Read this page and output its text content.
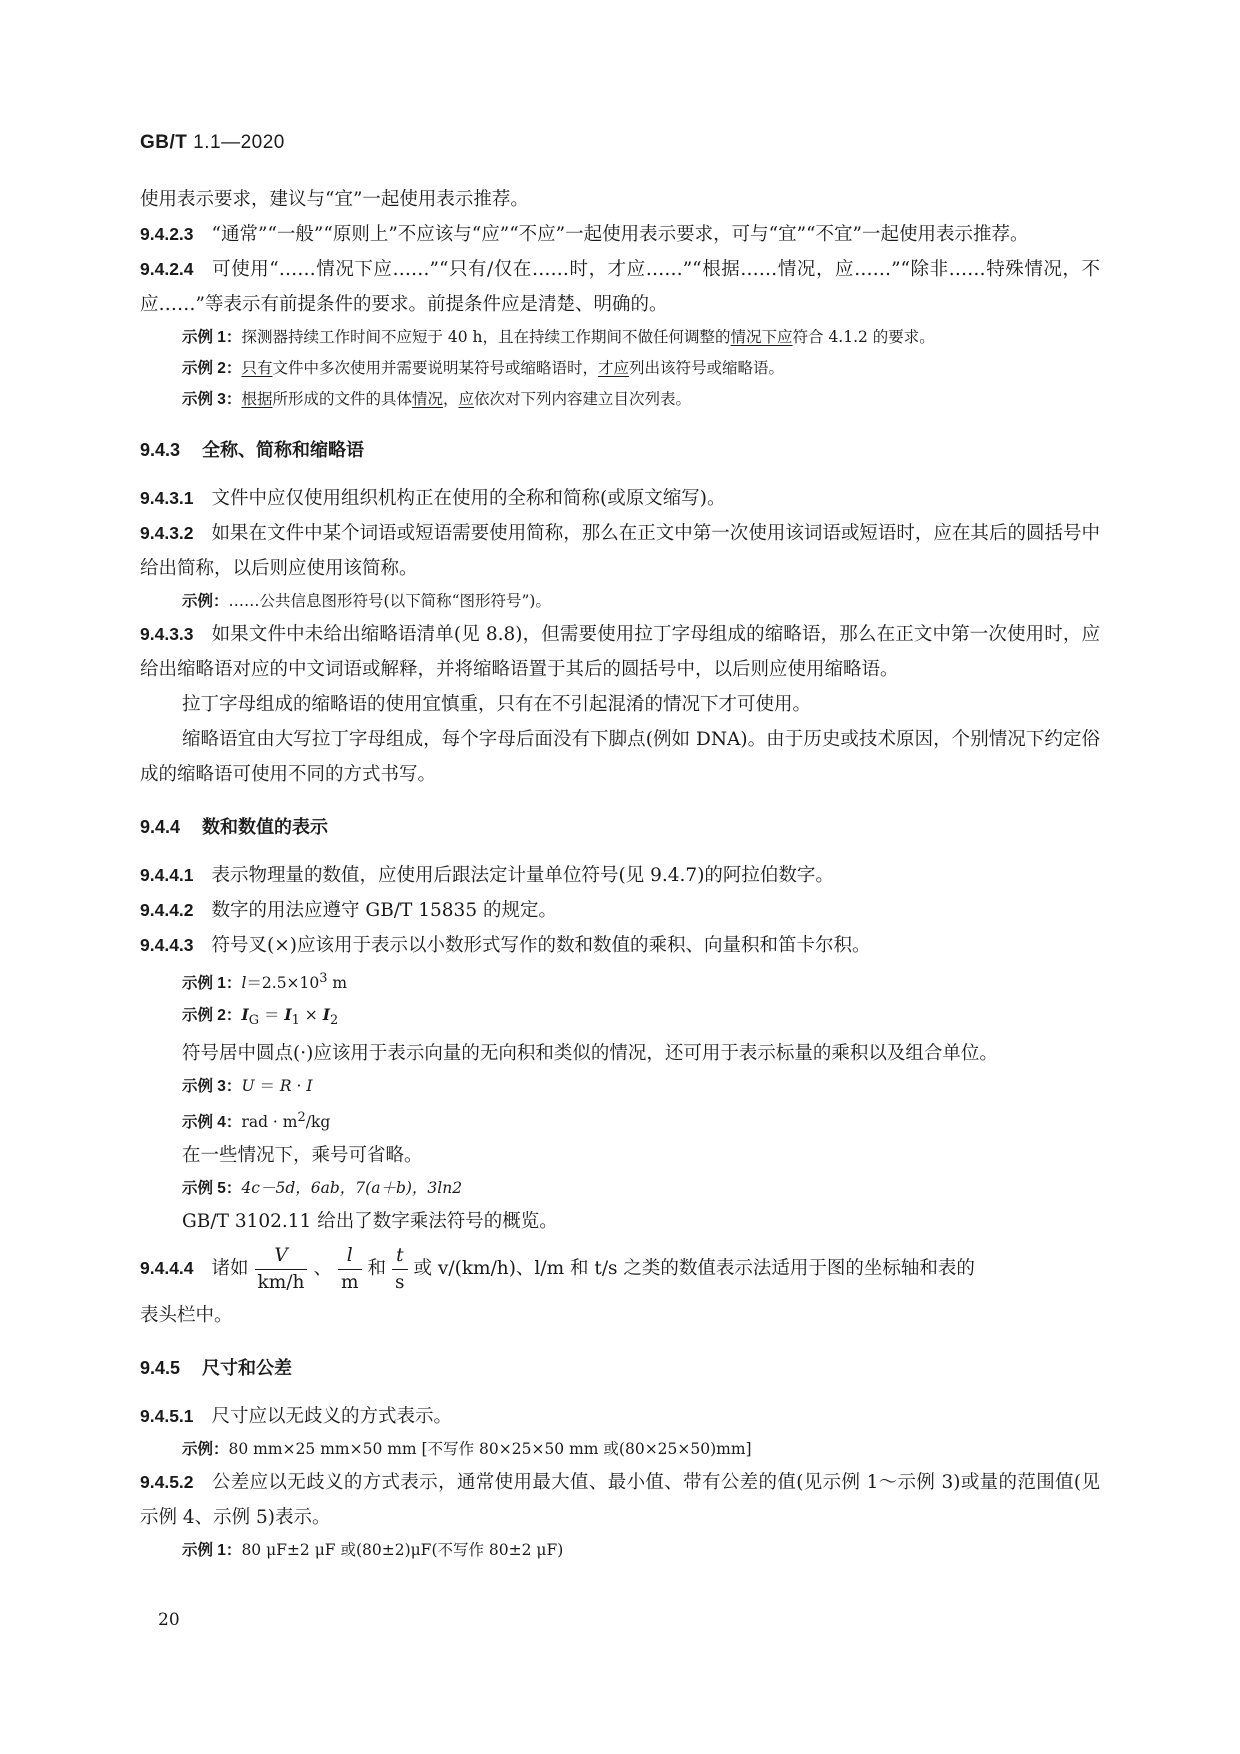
GB/T 1.1—2020

使用表示要求，建议与“宜”一起使用表示推荐。

9.4.2.3 “通常”“一般”“原则上”不应该与“应”“不应”一起使用表示要求，可与“宜”“不宜”一起使用表示推荐。

9.4.2.4 可使用“……情况下应……”“只有/仅在……时，才应……”“根据……情况，应……”“除非……特殊情况，不应……”等表示有前提条件的要求。前提条件应是清楚、明确的。

示例 1：探测器持续工作时间不应短于 40 h，且在持续工作期间不做任何调整的情况下应符合 4.1.2 的要求。

示例 2：只有文件中多次使用并需要说明某符号或缩略语时，才应列出该符号或缩略语。

示例 3：根据所形成的文件的具体情况，应依次对下列内容建立目次列表。

9.4.3 全称、简称和缩略语

9.4.3.1 文件中应仅使用组织机构正在使用的全称和简称(或原文缩写)。

9.4.3.2 如果在文件中某个词语或短语需要使用简称，那么在正文中第一次使用该词语或短语时，应在其后的圆括号中给出简称，以后则应使用该简称。

示例：……公共信息图形符号(以下简称“图形符号”)。

9.4.3.3 如果文件中未给出缩略语清单(见 8.8)，但需要使用拉丁字母组成的缩略语，那么在正文中第一次使用时，应给出缩略语对应的中文词语或解释，并将缩略语置于其后的圆括号中，以后则应使用缩略语。

拉丁字母组成的缩略语的使用宜慎重，只有在不引起混淆的情况下才可使用。

缩略语宜由大写拉丁字母组成，每个字母后面没有下脚点(例如 DNA)。由于历史或技术原因，个别情况下约定俗成的缩略语可使用不同的方式书写。

9.4.4 数和数值的表示

9.4.4.1 表示物理量的数值，应使用后跟法定计量单位符号(见 9.4.7)的阿拉伯数字。

9.4.4.2 数字的用法应遵守 GB/T 15835 的规定。

9.4.4.3 符号叉(×)应该用于表示以小数形式写作的数和数值的乘积、向量积和笛卡尔积。

示例 1：$l=2.5\times 10^3$ m

示例 2：$I_G = I_1 \times I_2$

符号居中圆点(·)应该用于表示向量的无向积和类似的情况，还可用于表示标量的乘积以及组合单位。

示例 3：U ＝ R · I

示例 4：rad · $m^2/kg$

在一些情况下，乘号可省略。

示例 5：4c－5d，6ab，7(a＋b)，3ln2

GB/T 3102.11 给出了数字乘法符号的概览。

9.4.4.4 诸如 $\frac{V}{km/h}$ 、 $\frac{l}{m}$ 和 $\frac{t}{s}$ 或 v/(km/h)、l/m 和 t/s 之类的数值表示法适用于图的坐标轴和表的

表头栏中。

9.4.5 尺寸和公差

9.4.5.1 尺寸应以无歧义的方式表示。

示例：80 mm×25 mm×50 mm [不写作 80×25×50 mm 或(80×25×50)mm]

9.4.5.2 公差应以无歧义的方式表示，通常使用最大值、最小值、带有公差的值(见示例 1～示例 3)或量的范围值(见示例 4、示例 5)表示。

示例 1：80 μF±2 μF 或(80±2)μF(不写作 80±2 μF)

20
